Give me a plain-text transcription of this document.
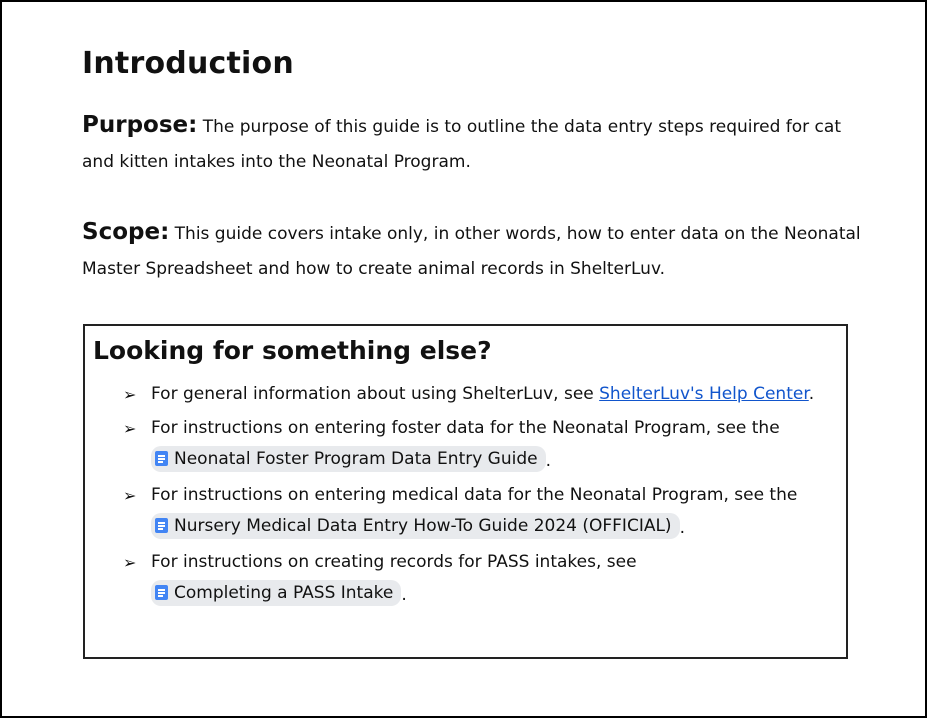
Introduction

Purpose: The purpose of this guide is to outline the data entry steps required for cat and kitten intakes into the Neonatal Program.

Scope: This guide covers intake only, in other words, how to enter data on the Neonatal Master Spreadsheet and how to create animal records in ShelterLuv.

Looking for something else?
➢ For general information about using ShelterLuv, see ShelterLuv's Help Center.
➢ For instructions on entering foster data for the Neonatal Program, see the
Neonatal Foster Program Data Entry Guide .
➢ For instructions on entering medical data for the Neonatal Program, see the
Nursery Medical Data Entry How-To Guide 2024 (OFFICIAL) .
➢ For instructions on creating records for PASS intakes, see

Completing a PASS Intake .
